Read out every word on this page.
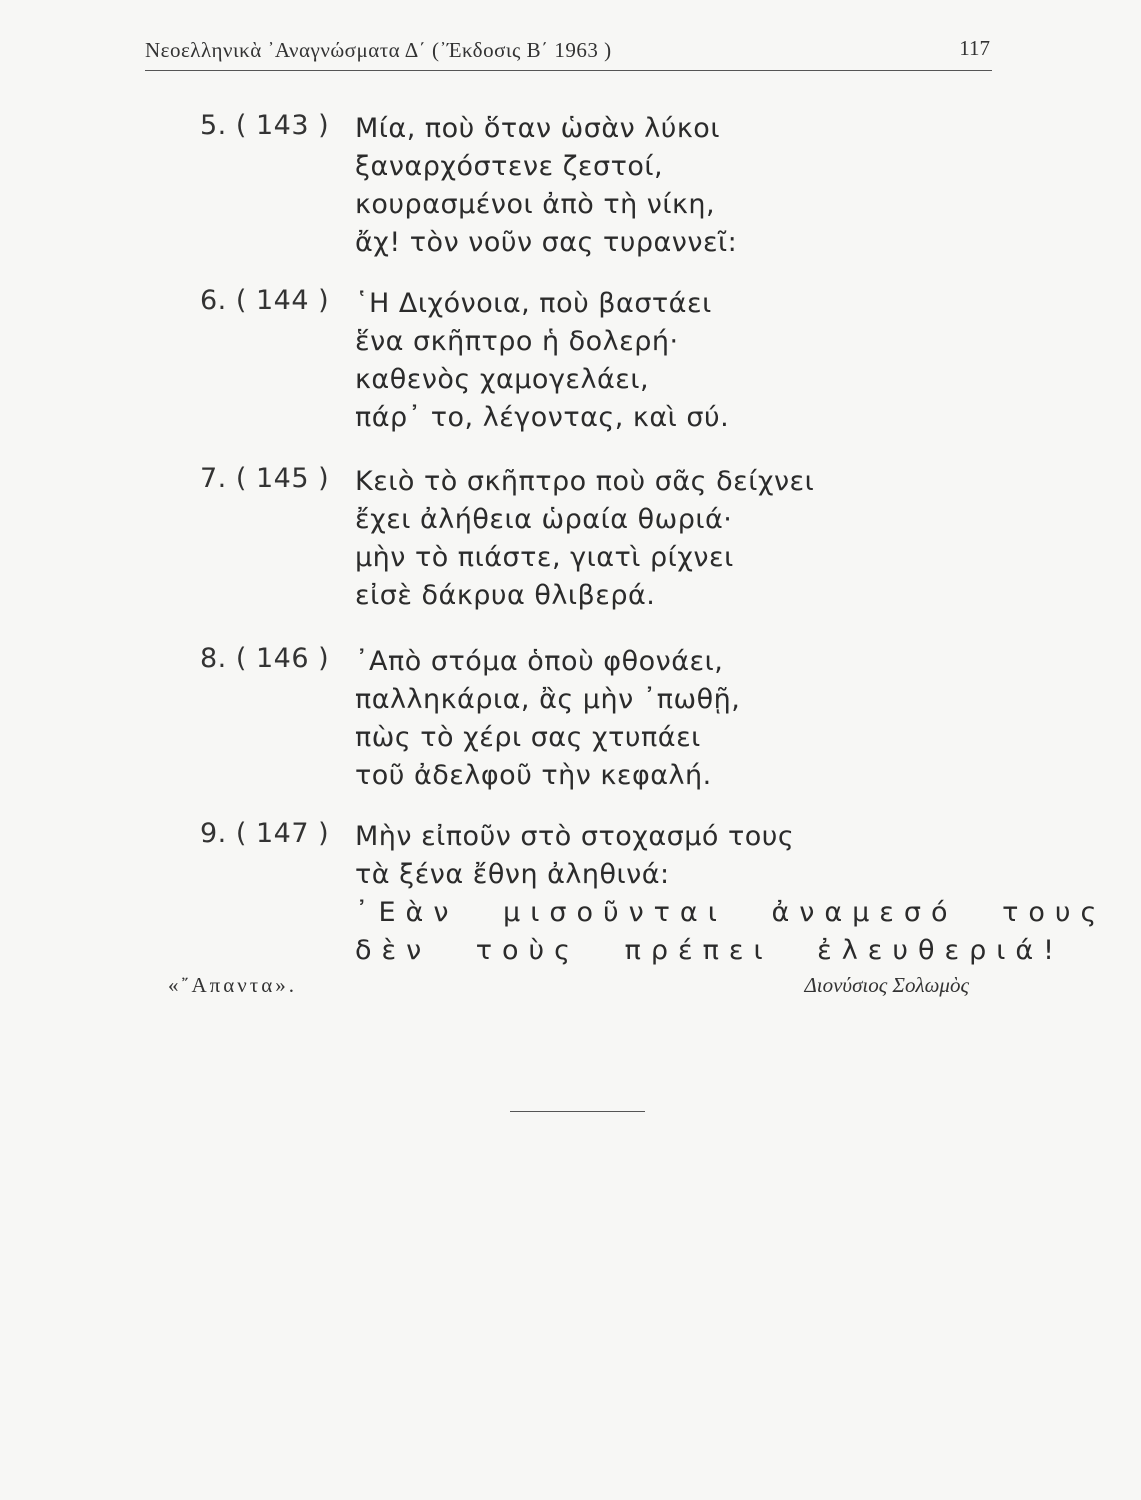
Νεοελληνικὰ ᾿Αναγνώσματα Δ΄ (᾿Έκδοσις Β΄ 1963 )	117
5. ( 143 ) Μία, ποὺ ὅταν ὡσὰν λύκοι
ξαναρχόστενε ζεστοί,
κουρασμένοι ἀπὸ τὴ νίκη,
ἄχ! τὸν νοῦν σας τυραννεῖ:
6. ( 144 ) ῾Η Διχόνοια, ποὺ βαστάει
ἕνα σκῆπτρο ἡ δολερή·
καθενὸς χαμογελάει,
πάρ᾿ το, λέγοντας, καὶ σύ.
7. ( 145 ) Κειὸ τὸ σκῆπτρο ποὺ σᾶς δείχνει
ἔχει ἀλήθεια ὡραία θωριά·
μὴν τὸ πιάστε, γιατὶ ρίχνει
εἰσὲ δάκρυα θλιβερά.
8. ( 146 ) ᾿Απὸ στόμα ὁποὺ φθονάει,
παλληκάρια, ἂς μὴν ᾿πωθῇ,
πὼς τὸ χέρι σας χτυπάει
τοῦ ἀδελφοῦ τὴν κεφαλή.
9. ( 147 ) Μὴν εἰποῦν στὸ στοχασμό τους
τὰ ξένα ἔθνη ἀληθινά:
᾿Εὰν μισοῦνται ἀναμεσό τους
δὲν τοὺς πρέπει ἐλευθεριά!
«῎Απαντα».	Διονύσιος Σολωμὸς
